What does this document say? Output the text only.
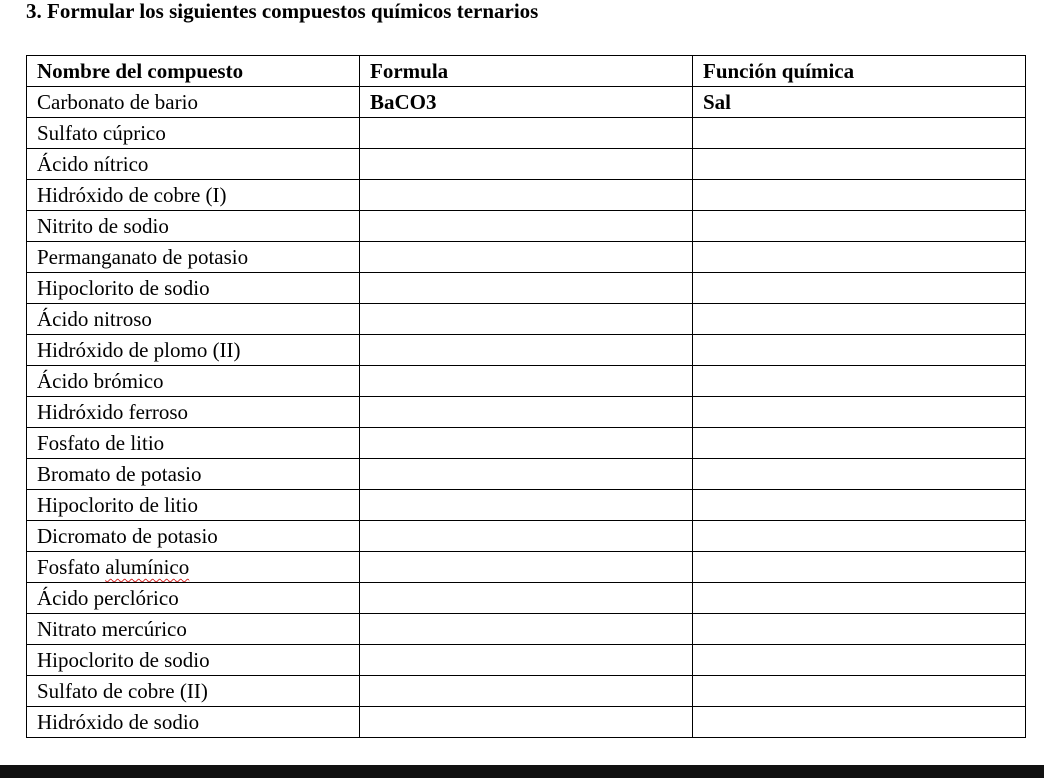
3. Formular los siguientes compuestos químicos ternarios
Nombre del compuesto	Formula	Función química
Carbonato de bario	BaCO3	Sal
Sulfato cúprico		
Ácido nítrico		
Hidróxido de cobre (I)		
Nitrito de sodio		
Permanganato de potasio		
Hipoclorito de sodio		
Ácido nitroso		
Hidróxido de plomo (II)		
Ácido brómico		
Hidróxido ferroso		
Fosfato de litio		
Bromato de potasio		
Hipoclorito de litio		
Dicromato de potasio		
Fosfato alumínico		
Ácido perclórico		
Nitrato mercúrico		
Hipoclorito de sodio		
Sulfato de cobre (II)		
Hidróxido de sodio		
